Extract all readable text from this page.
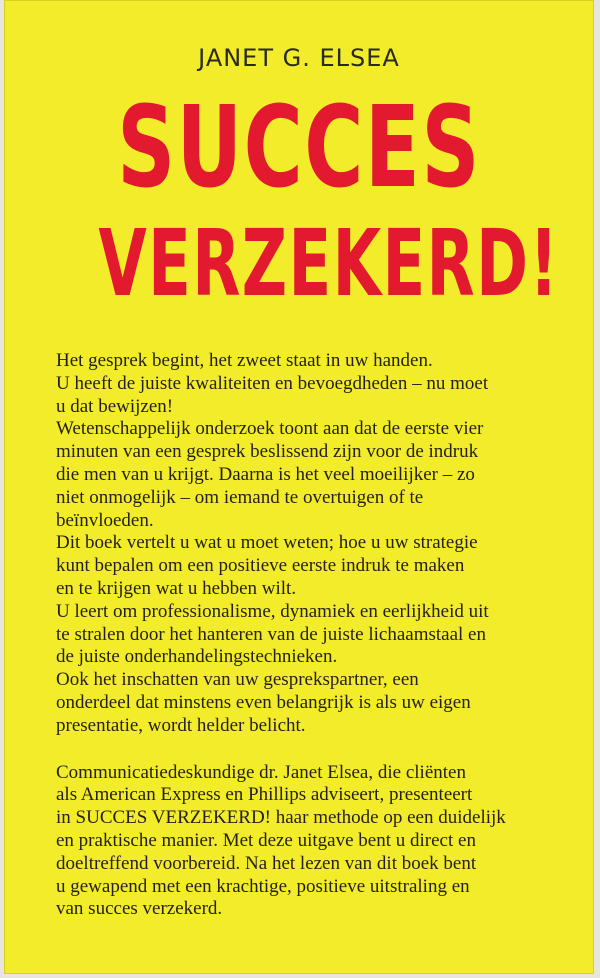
JANET G. ELSEA
SUCCES
VERZEKERD!

Het gesprek begint, het zweet staat in uw handen.

U heeft de juiste kwaliteiten en bevoegdheden – nu moet

u dat bewijzen!

Wetenschappelijk onderzoek toont aan dat de eerste vier

minuten van een gesprek beslissend zijn voor de indruk

die men van u krijgt. Daarna is het veel moeilijker – zo

niet onmogelijk – om iemand te overtuigen of te

beïnvloeden.

Dit boek vertelt u wat u moet weten; hoe u uw strategie

kunt bepalen om een positieve eerste indruk te maken

en te krijgen wat u hebben wilt.

U leert om professionalisme, dynamiek en eerlijkheid uit

te stralen door het hanteren van de juiste lichaamstaal en

de juiste onderhandelingstechnieken.

Ook het inschatten van uw gesprekspartner, een

onderdeel dat minstens even belangrijk is als uw eigen

presentatie, wordt helder belicht.

Communicatiedeskundige dr. Janet Elsea, die cliënten

als American Express en Phillips adviseert, presenteert

in SUCCES VERZEKERD! haar methode op een duidelijk

en praktische manier. Met deze uitgave bent u direct en

doeltreffend voorbereid. Na het lezen van dit boek bent

u gewapend met een krachtige, positieve uitstraling en

van succes verzekerd.
